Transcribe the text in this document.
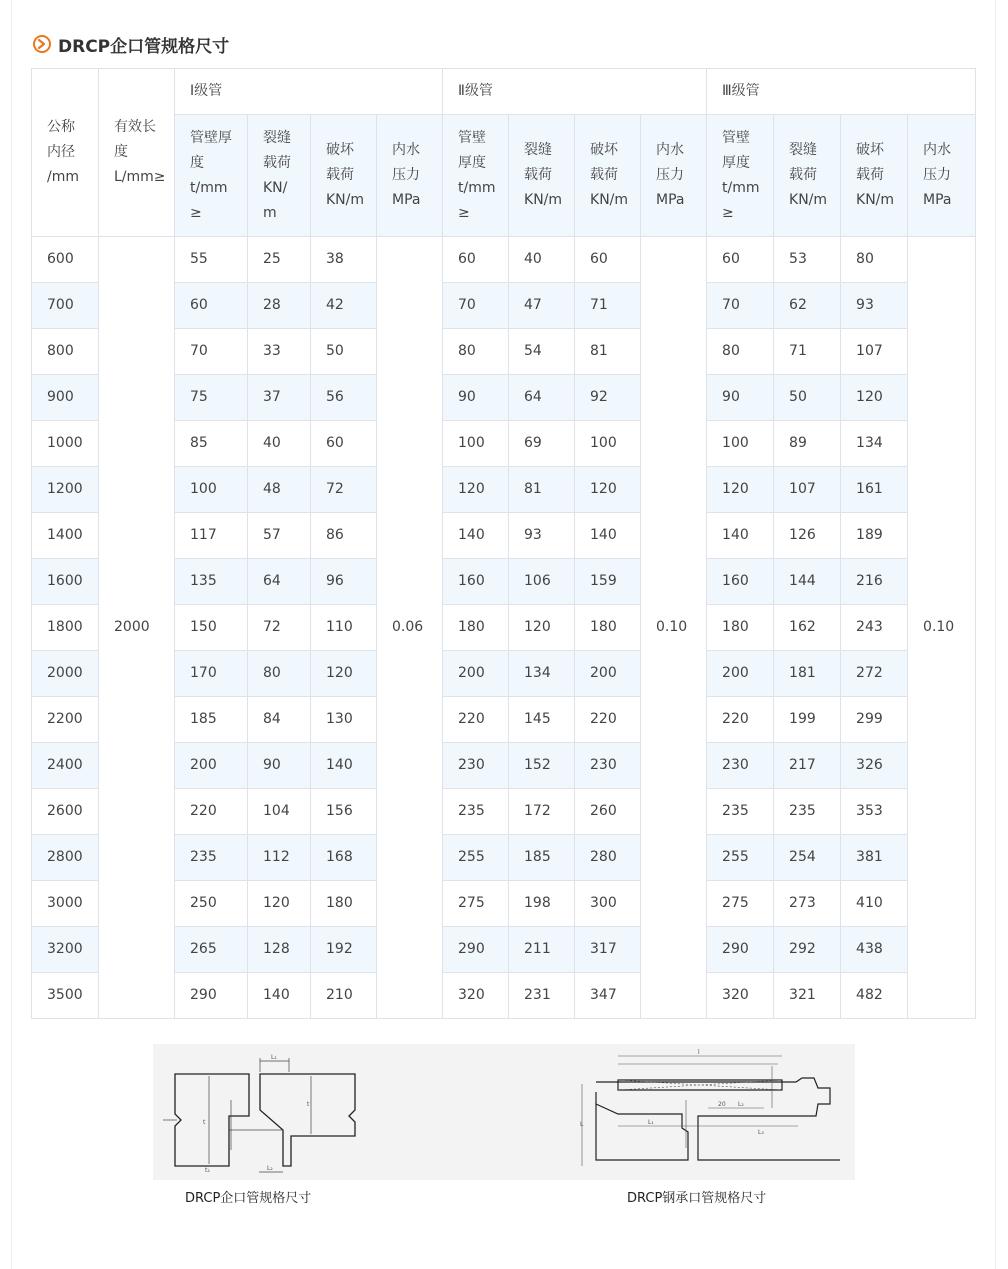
DRCP企口管规格尺寸
公称
内径
/mm	有效长
度
L/mm≥	Ⅰ级管				Ⅱ级管				Ⅲ级管			
		管壁厚
度
t/mm
≥	裂缝
载荷
KN/
m	破坏
载荷
KN/m	内水
压力
MPa	管壁
厚度
t/mm
≥	裂缝
载荷
KN/m	破坏
载荷
KN/m	内水
压力
MPa	管壁
厚度
t/mm
≥	裂缝
载荷
KN/m	破坏
载荷
KN/m	内水
压力
MPa
600	2000	55	25	38	0.06	60	40	60	0.10	60	53	80	0.10
700		60	28	42		70	47	71		70	62	93	
800		70	33	50		80	54	81		80	71	107	
900		75	37	56		90	64	92		90	50	120	
1000		85	40	60		100	69	100		100	89	134	
1200		100	48	72		120	81	120		120	107	161	
1400		117	57	86		140	93	140		140	126	189	
1600		135	64	96		160	106	159		160	144	216	
1800		150	72	110		180	120	180		180	162	243	
2000		170	80	120		200	134	200		200	181	272	
2200		185	84	130		220	145	220		220	199	299	
2400		200	90	140		230	152	230		230	217	326	
2600		220	104	156		235	172	260		235	235	353	
2800		235	112	168		255	185	280		255	254	381	
3000		250	120	180		275	198	300		275	273	410	
3200		265	128	192		290	211	317		290	292	438	
3500		290	140	210		320	231	347		320	321	482	
L₁
t
t
L₂
t₂
l
L	L₁
20 L₂
L₃
DRCP企口管规格尺寸	DRCP钢承口管规格尺寸
